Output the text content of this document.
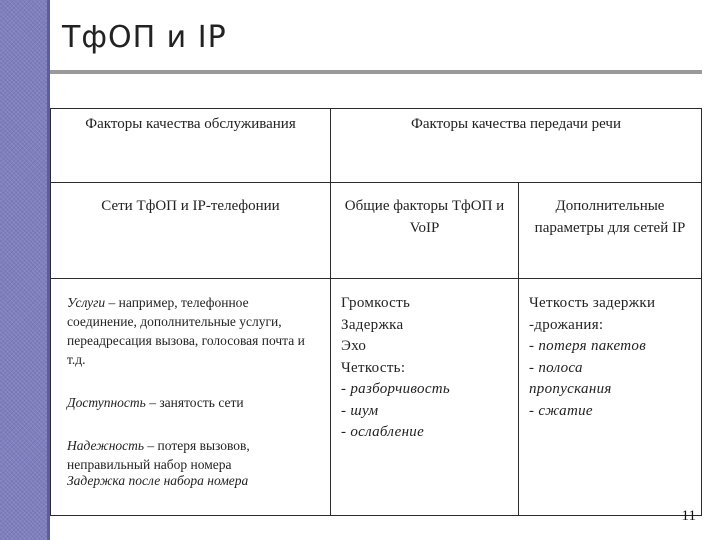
ТфОП и IP
Факторы качества обслуживания	Факторы качества передачи речи
Сети ТфОП и IP-телефонии	Общие факторы ТфОП и VoIP
Дополнительные параметры для сетей IP

Услуги – например, телефонное соединение, дополнительные услуги, переадресация вызова, голосовая почта и т.д.

Доступность – занятость сети

Надежность – потеря вызовов, неправильный набор номера

Задержка после набора номера

Громкость
Задержка
Эхо
Четкость:
- разборчивость
- шум
- ослабление
Четкость задержки
-дрожания:
- потеря пакетов
- полоса
пропускания
- сжатие
11
